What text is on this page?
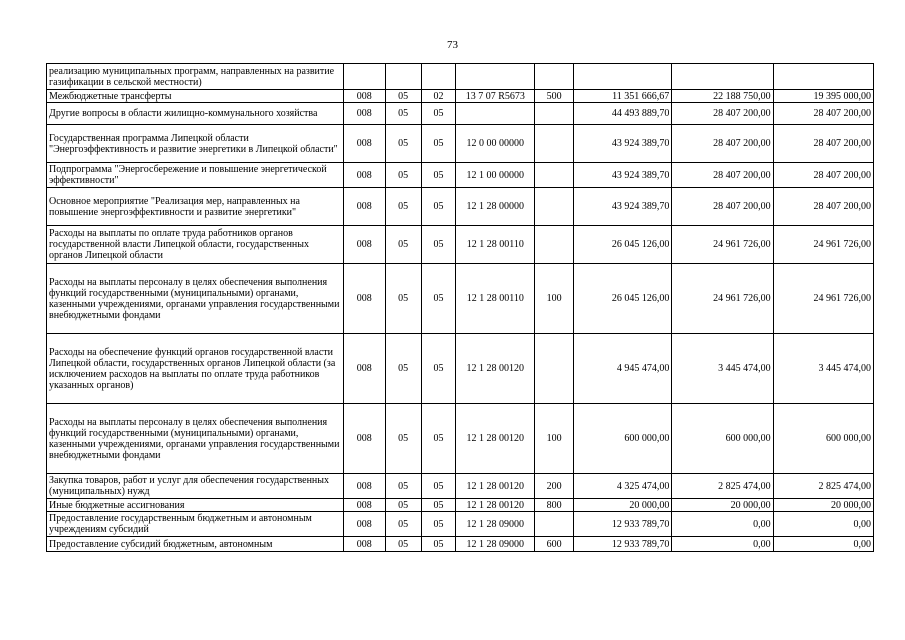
73
реализацию муниципальных программ, направленных на развитие газификации в сельской местности)								
Межбюджетные трансферты	008	05	02	13 7 07 R5673	500	11 351 666,67	22 188 750,00	19 395 000,00
Другие вопросы в области жилищно-коммунального хозяйства	008	05	05			44 493 889,70	28 407 200,00	28 407 200,00
Государственная программа Липецкой области "Энергоэффективность и развитие энергетики в Липецкой области"	008	05	05	12 0 00 00000		43 924 389,70	28 407 200,00	28 407 200,00
Подпрограмма "Энергосбережение и повышение энергетической эффективности"	008	05	05	12 1 00 00000		43 924 389,70	28 407 200,00	28 407 200,00
Основное мероприятие "Реализация мер, направленных на повышение энергоэффективности и развитие энергетики"	008	05	05	12 1 28 00000		43 924 389,70	28 407 200,00	28 407 200,00
Расходы на выплаты по оплате труда работников органов государственной власти Липецкой области, государственных органов Липецкой области	008	05	05	12 1 28 00110		26 045 126,00	24 961 726,00	24 961 726,00
Расходы на выплаты персоналу в целях обеспечения выполнения функций государственными (муниципальными) органами, казенными учреждениями, органами управления государственными внебюджетными фондами	008	05	05	12 1 28 00110	100	26 045 126,00	24 961 726,00	24 961 726,00
Расходы на обеспечение функций органов государственной власти Липецкой области, государственных органов Липецкой области (за исключением расходов на выплаты по оплате труда работников указанных органов)	008	05	05	12 1 28 00120		4 945 474,00	3 445 474,00	3 445 474,00
Расходы на выплаты персоналу в целях обеспечения выполнения функций государственными (муниципальными) органами, казенными учреждениями, органами управления государственными внебюджетными фондами	008	05	05	12 1 28 00120	100	600 000,00	600 000,00	600 000,00
Закупка товаров, работ и услуг для обеспечения государственных (муниципальных) нужд	008	05	05	12 1 28 00120	200	4 325 474,00	2 825 474,00	2 825 474,00
Иные бюджетные ассигнования	008	05	05	12 1 28 00120	800	20 000,00	20 000,00	20 000,00
Предоставление государственным бюджетным и автономным учреждениям субсидий	008	05	05	12 1 28 09000		12 933 789,70	0,00	0,00
Предоставление субсидий бюджетным, автономным	008	05	05	12 1 28 09000	600	12 933 789,70	0,00	0,00
